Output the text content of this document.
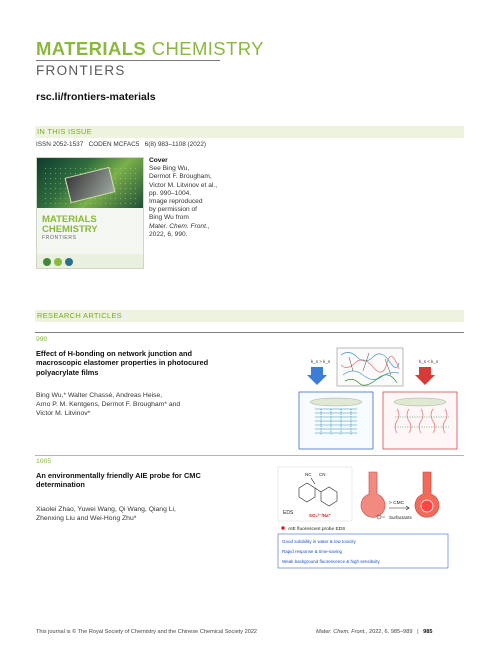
MATERIALS CHEMISTRY
FRONTIERS
rsc.li/frontiers-materials
IN THIS ISSUE
ISSN 2052-1537   CODEN MCFAC5   6(8) 983–1108 (2022)
MATERIALS
CHEMISTRY
FRONTIERS
Cover
See Bing Wu,
Dermot F. Brougham,
Victor M. Litvinov et al.,
pp. 990–1004.
Image reproduced
by permission of
Bing Wu from
Mater. Chem. Front.,
2022, 6, 990.
RESEARCH ARTICLES
990
Effect of H-bonding on network junction and
macroscopic elastomer properties in photocured
polyacrylate films
Bing Wu,* Walter Chassé, Andreas Heise,
Arno P. M. Kentgens, Dermot F. Brougham* and
Victor M. Litvinov*
k_s > k_s	k_s < k_s
1005
An environmentally friendly AIE probe for CMC
determination
Xiaolei Zhao, Yuwei Wang, Qi Wang, Qiang Li,
Zhenxing Liu and Wei-Hong Zhu*
NC CN
EDS	SO₄²⁻/Na⁺
> CMC
Surfactants
AIE fluorescent probe EDS
Good solubility in water & low toxicity
Rapid response & time-saving
Weak background fluorescence & high sensitivity
This journal is © The Royal Society of Chemistry and the Chinese Chemical Society 2022	Mater. Chem. Front., 2022, 6, 985–989 | 985
